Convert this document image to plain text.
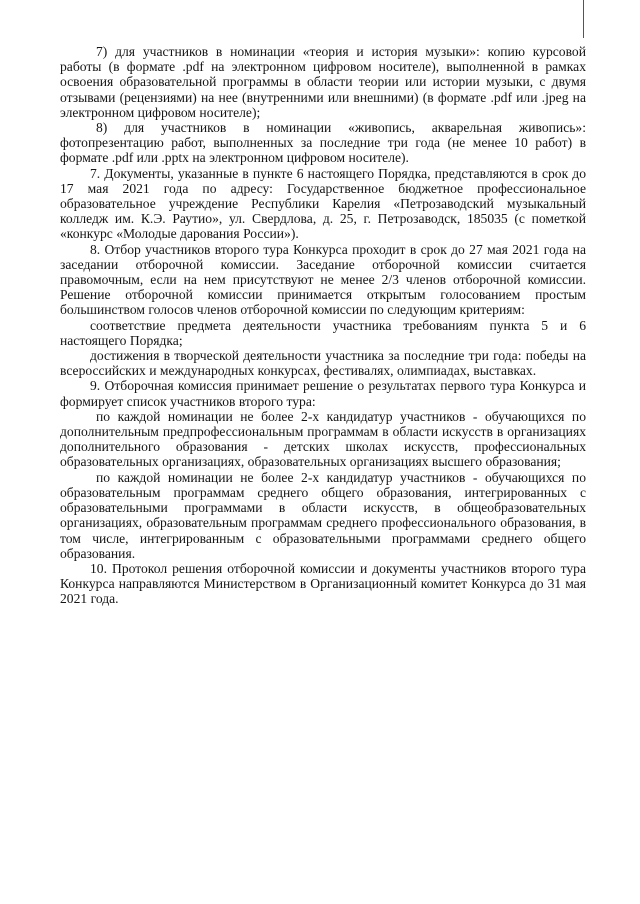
7) для участников в номинации «теория и история музыки»: копию курсовой работы (в формате .pdf на электронном цифровом носителе), выполненной в рамках освоения образовательной программы в области теории или истории музыки, с двумя отзывами (рецензиями) на нее (внутренними или внешними) (в формате .pdf или .jpeg на электронном цифровом носителе);

8) для участников в номинации «живопись, акварельная живопись»: фотопрезентацию работ, выполненных за последние три года (не менее 10 работ) в формате .pdf или .pptx на электронном цифровом носителе).

7. Документы, указанные в пункте 6 настоящего Порядка, представляются в срок до 17 мая 2021 года по адресу: Государственное бюджетное профессиональное образовательное учреждение Республики Карелия «Петрозаводский музыкальный колледж им. К.Э. Раутио», ул. Свердлова, д. 25, г. Петрозаводск, 185035 (с пометкой «конкурс «Молодые дарования России»).

8. Отбор участников второго тура Конкурса проходит в срок до 27 мая 2021 года на заседании отборочной комиссии. Заседание отборочной комиссии считается правомочным, если на нем присутствуют не менее 2/3 членов отборочной комиссии. Решение отборочной комиссии принимается открытым голосованием простым большинством голосов членов отборочной комиссии по следующим критериям:

соответствие предмета деятельности участника требованиям пункта 5 и 6 настоящего Порядка;

достижения в творческой деятельности участника за последние три года: победы на всероссийских и международных конкурсах, фестивалях, олимпиадах, выставках.

9. Отборочная комиссия принимает решение о результатах первого тура Конкурса и формирует список участников второго тура:

по каждой номинации не более 2-х кандидатур участников - обучающихся по дополнительным предпрофессиональным программам в области искусств в организациях дополнительного образования - детских школах искусств, профессиональных образовательных организациях, образовательных организациях высшего образования;

по каждой номинации не более 2-х кандидатур участников - обучающихся по образовательным программам среднего общего образования, интегрированных с образовательными программами в области искусств, в общеобразовательных организациях, образовательным программам среднего профессионального образования, в том числе, интегрированным с образовательными программами среднего общего образования.

10. Протокол решения отборочной комиссии и документы участников второго тура Конкурса направляются Министерством в Организационный комитет Конкурса до 31 мая 2021 года.
